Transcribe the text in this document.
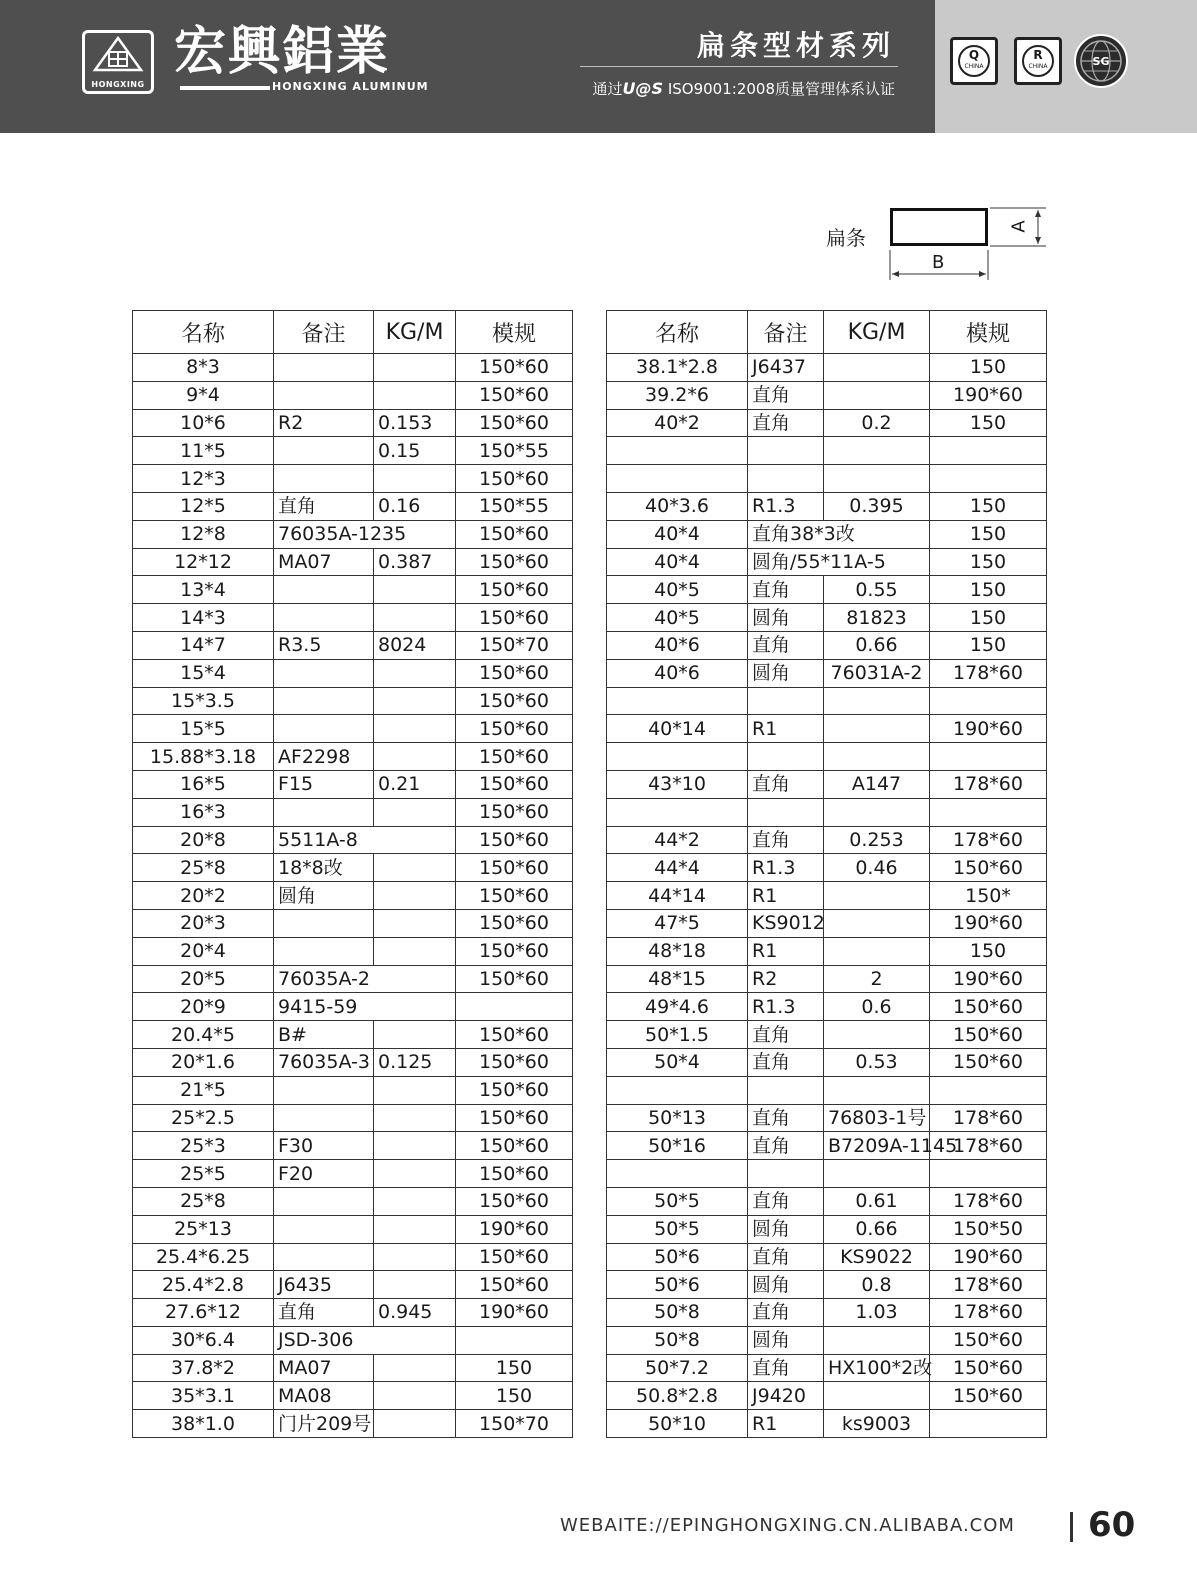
HONGXING
宏興鋁業
HONGXING ALUMINUM
扁条型材系列
通过U@S ISO9001:2008质量管理体系认证
Q
CHINA
R
CHINA	SG
扁条	A
B
名称	备注	KG/M	模规
8*3			150*60
9*4			150*60
10*6	R2	0.153	150*60
11*5		0.15	150*55
12*3			150*60
12*5	直角	0.16	150*55
12*8	76035A-1235		150*60
12*12	MA07	0.387	150*60
13*4			150*60
14*3			150*60
14*7	R3.5	8024	150*70
15*4			150*60
15*3.5			150*60
15*5			150*60
15.88*3.18	AF2298		150*60
16*5	F15	0.21	150*60
16*3			150*60
20*8	5511A-8		150*60
25*8	18*8改		150*60
20*2	圆角		150*60
20*3			150*60
20*4			150*60
20*5	76035A-2		150*60
20*9	9415-59		
20.4*5	B#		150*60
20*1.6	76035A-3	0.125	150*60
21*5			150*60
25*2.5			150*60
25*3	F30		150*60
25*5	F20		150*60
25*8			150*60
25*13			190*60
25.4*6.25			150*60
25.4*2.8	J6435		150*60
27.6*12	直角	0.945	190*60
30*6.4	JSD-306		
37.8*2	MA07		150
35*3.1	MA08		150
38*1.0	门片209号		150*70
名称	备注	KG/M	模规
38.1*2.8	J6437		150
39.2*6	直角		190*60
40*2	直角	0.2	150

40*3.6	R1.3	0.395	150
40*4	直角38*3改		150
40*4	圆角/55*11A-5		150
40*5	直角	0.55	150
40*5	圆角	81823	150
40*6	直角	0.66	150
40*6	圆角	76031A-2	178*60

40*14	R1		190*60

43*10	直角	A147	178*60

44*2	直角	0.253	178*60
44*4	R1.3	0.46	150*60
44*14	R1		150*
47*5	KS9012		190*60
48*18	R1		150
48*15	R2	2	190*60
49*4.6	R1.3	0.6	150*60
50*1.5	直角		150*60
50*4	直角	0.53	150*60

50*13	直角	76803-1号	178*60
50*16	直角	B7209A-1145	178*60

50*5	直角	0.61	178*60
50*5	圆角	0.66	150*50
50*6	直角	KS9022	190*60
50*6	圆角	0.8	178*60
50*8	直角	1.03	178*60
50*8	圆角		150*60
50*7.2	直角	HX100*2改	150*60
50.8*2.8	J9420		150*60
50*10	R1	ks9003	
WEBAITE://EPINGHONGXING.CN.ALIBABA.COM 60
